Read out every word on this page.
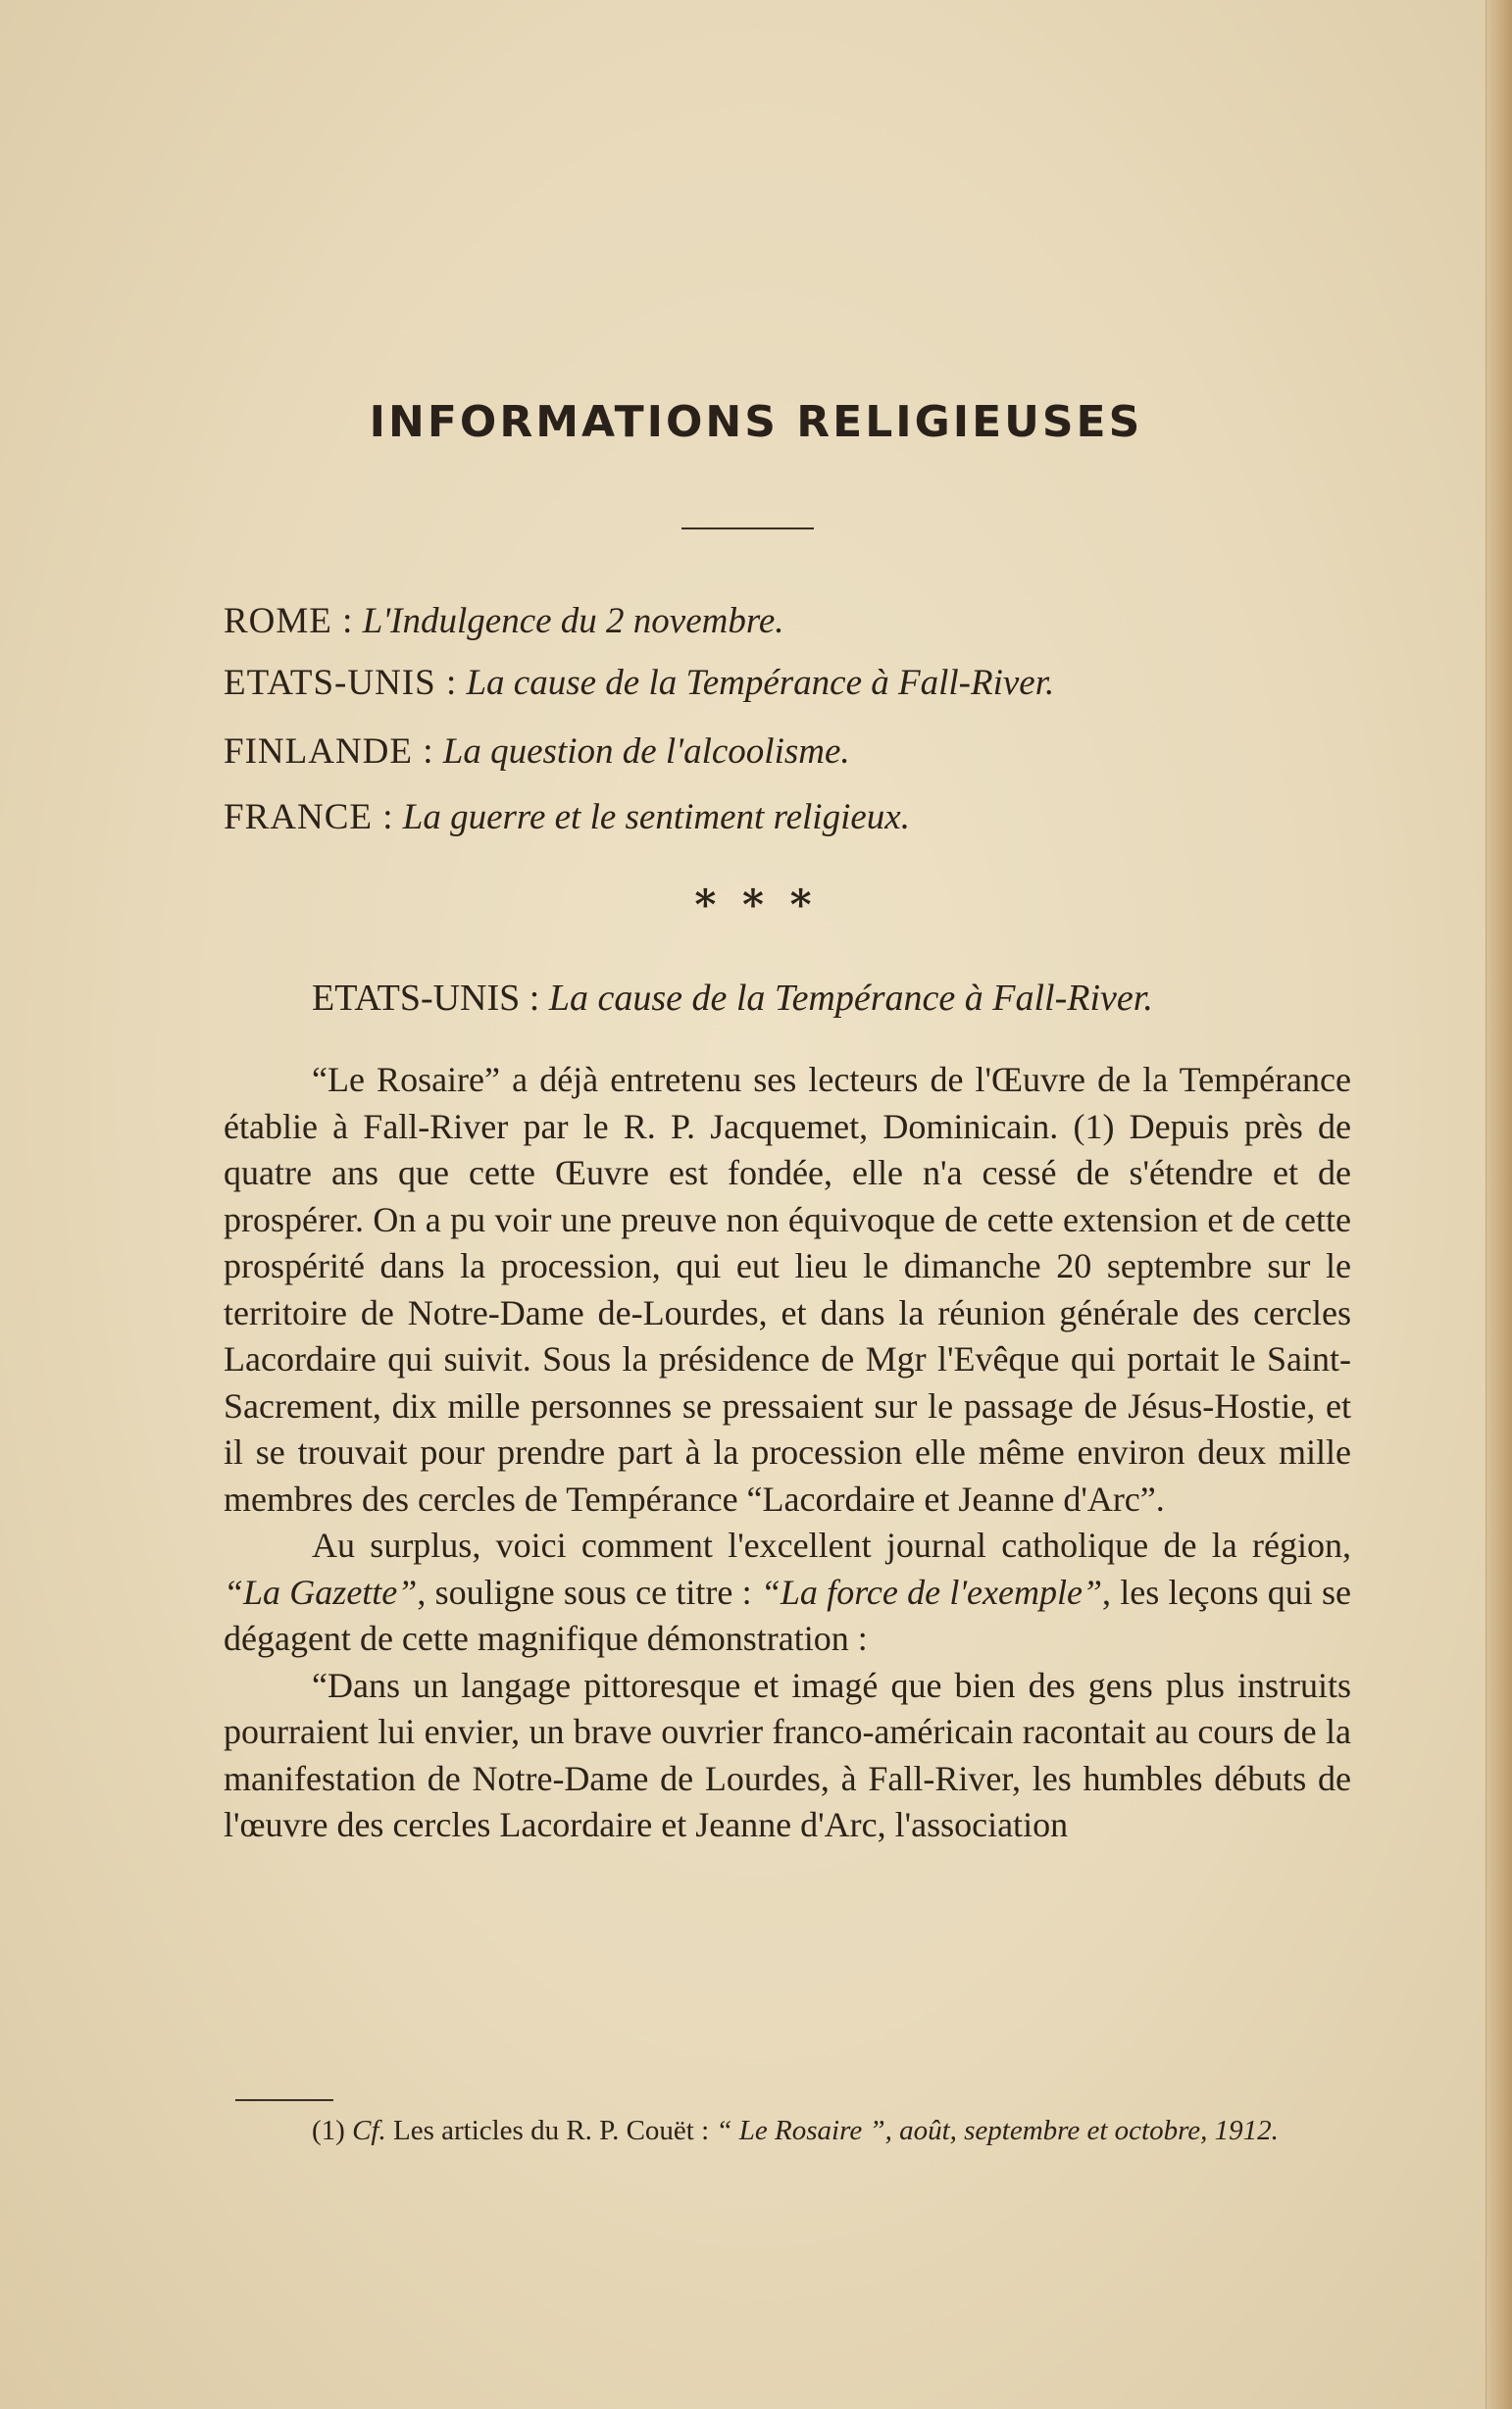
INFORMATIONS RELIGIEUSES
ROME : L'Indulgence du 2 novembre.
ETATS-UNIS : La cause de la Tempérance à Fall-River.
FINLANDE : La question de l'alcoolisme.
FRANCE : La guerre et le sentiment religieux.
* * *
ETATS-UNIS : La cause de la Tempérance à Fall-River.

“Le Rosaire” a déjà entretenu ses lecteurs de l'Œuvre de la Tempérance établie à Fall-River par le R. P. Jacquemet, Dominicain. (1) Depuis près de quatre ans que cette Œuvre est fondée, elle n'a cessé de s'étendre et de prospérer. On a pu voir une preuve non équivoque de cette extension et de cette prospérité dans la procession, qui eut lieu le dimanche 20 septembre sur le territoire de Notre-Dame de-Lourdes, et dans la réunion générale des cercles Lacordaire qui suivit. Sous la présidence de Mgr l'Evêque qui portait le Saint-Sacrement, dix mille personnes se pressaient sur le passage de Jésus-Hostie, et il se trouvait pour prendre part à la procession elle même environ deux mille membres des cercles de Tempérance “Lacordaire et Jeanne d'Arc”.

Au surplus, voici comment l'excellent journal catholique de la région, “La Gazette”, souligne sous ce titre : “La force de l'exemple”, les leçons qui se dégagent de cette magnifique démonstration :

“Dans un langage pittoresque et imagé que bien des gens plus instruits pourraient lui envier, un brave ouvrier franco-américain racontait au cours de la manifestation de Notre-Dame de Lourdes, à Fall-River, les humbles débuts de l'œuvre des cercles Lacordaire et Jeanne d'Arc, l'association

(1) Cf. Les articles du R. P. Couët : “ Le Rosaire ”, août, septembre et octobre, 1912.
